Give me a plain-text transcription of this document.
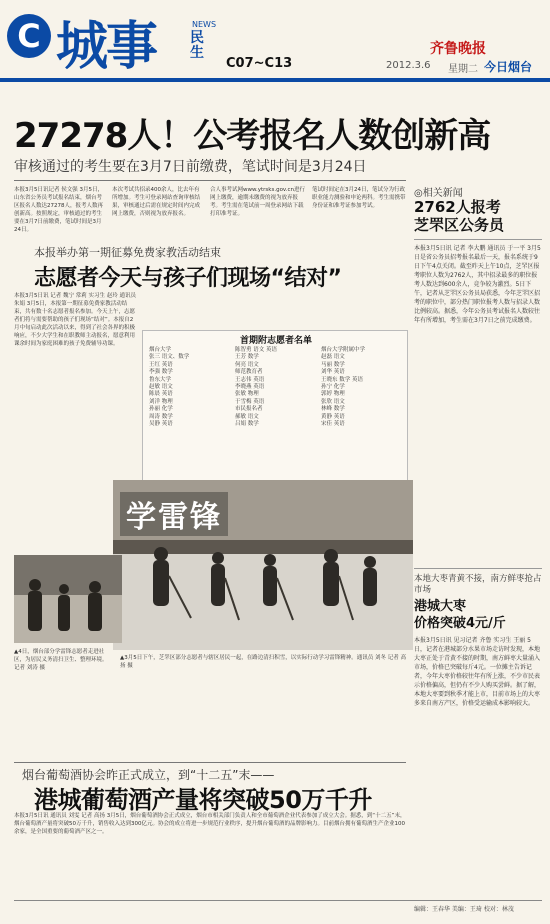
C 城事	NEWS
民生
C07~C13
齐鲁晚报
2012.3.6 星期二 今日烟台
27278人！公考报名人数创新高
审核通过的考生要在3月7日前缴费，笔试时间是3月24日
本报3月5日讯记者 侯文强 3月5日，山东省公务员考试报名结束，烟台考区报名人数达27278人，报考人数再创新高。按照规定，审核通过的考生要在3月7日前缴费，笔试时间是3月24日。
本次考试共招录400余人，比去年有所增加。考生可登录网站查询审核结果，审核通过后需在规定时间内完成网上缴费，否则视为放弃报名。
合人事考试网www.ytrsks.gov.cn进行网上缴费，逾期未缴费的视为放弃报考。考生需在笔试前一周登录网站下载打印准考证。
笔试时间定在3月24日，笔试分为行政职业能力测验和申论两科。考生需携带身份证和准考证参加考试。
◎相关新闻
2762人报考
芝罘区公务员
本报3月5日讯 记者 李大鹏 通讯员 于一平 3月5日是省公务员招考报名最后一天，报名系统于9日下午4点关闭。截至昨天上午10点，芝罘区报考职位人数为2762人，其中招录最多的职位报考人数达到600余人，竞争较为激烈。5日下午，记者从芝罘区公务员局获悉，今年芝罘区招考的职位中，部分热门职位报考人数与招录人数比例较高。据悉，今年公务员考试报名人数较往年有所增加，考生需在3月7日之前完成缴费。
本报举办第一期征募免费家教活动结束
志愿者今天与孩子们现场“结对”
本报3月5日讯 记者 魏宁 常莉 实习生 赵玲 通讯员 朱娟 3月5日，本报第一期征募免费家教活动结束，共有数十名志愿者报名参加。今天上午，志愿者们将与需要帮助的孩子们现场“结对”。本报自2月中旬启动此次活动以来，得到了社会各界的积极响应，不少大学生和在职教师主动报名，愿意利用课余时间为家庭困难的孩子免费辅导功课。	首期附志愿者名单
烟台大学
张三 语文、数学
王红 英语
李强 数学
鲁东大学
赵敏 语文
陈晨 英语
刘洋 物理
孙丽 化学
周涛 数学
吴静 英语
陈智勇 语文 英语
王芳 数学
何亮 语文
师范教育者
王志伟 英语
李晓燕 英语
张敏 物理
于雪梅 英语
市民报名者
郝敏 语文
吕娟 数学
烟台大学附属中学
赵磊 语文
马丽 数学
刘华 英语
王晓东 数学 英语
孙宁 化学
郭婷 物理
张欣 语文
林峰 数学
黄静 英语
宋佳 英语
学雷锋
▲4日，烟台部分学雷锋志愿者走进社区，为居民义务清扫卫生、整理环境。记者 刘涛 摄
▲3月5日下午，芝罘区部分志愿者与辖区居民一起，在路边清扫积雪，以实际行动学习雷锋精神。通讯员 刘冬 记者 高扬 摄
本地大枣青黄不接，南方鲜枣抢占市场
港城大枣
价格突破4元/斤
本报3月5日讯 见习记者 齐鲁 实习生 王丽 5日，记者在港城部分水果市场走访时发现，本地大枣正处于青黄不接的时期，南方鲜枣大量涌入市场，价格已突破每斤4元。一位摊主告诉记者，今年大枣价格较往年有所上涨，不少市民表示价格偏高，但仍有不少人购买尝鲜。据了解，本地大枣要到秋季才能上市，目前市场上的大枣多来自南方产区，价格受运输成本影响较大。
烟台葡萄酒协会昨正式成立，到“十二五”末——
港城葡萄酒产量将突破50万千升
本报3月5日讯 通讯员 刘雯 记者 高扬 3月5日，烟台葡萄酒协会正式成立，烟台市相关部门负责人和全市葡萄酒企业代表参加了成立大会。据悉，到“十二五”末，烟台葡萄酒产量将突破50万千升，销售收入达到300亿元。协会的成立将进一步规范行业秩序，提升烟台葡萄酒的品牌影响力。目前烟台拥有葡萄酒生产企业100余家，是全国重要的葡萄酒产区之一。
编辑：王春华 美编：王琦 校对：林茂
